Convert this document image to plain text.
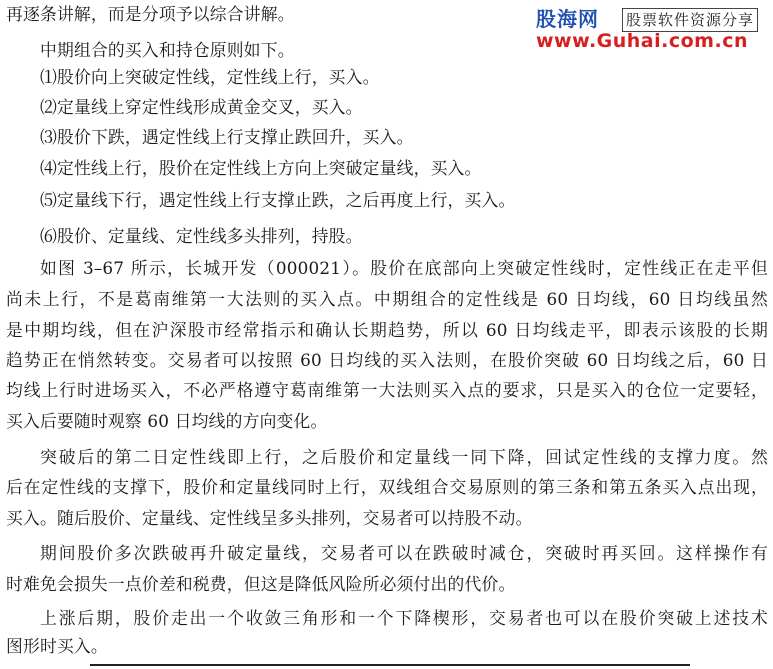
再逐条讲解，而是分项予以综合讲解。	股海网 股票软件资源分享
www.Guhai.com.cn
中期组合的买入和持仓原则如下。
⑴股价向上突破定性线，定性线上行，买入。
⑵定量线上穿定性线形成黄金交叉，买入。
⑶股价下跌，遇定性线上行支撑止跌回升，买入。
⑷定性线上行，股价在定性线上方向上突破定量线，买入。
⑸定量线下行，遇定性线上行支撑止跌，之后再度上行，买入。
⑹股价、定量线、定性线多头排列，持股。
如图 3–67 所示，长城开发（000021）。股价在底部向上突破定性线时，定性线正在走平但
尚未上行，不是葛南维第一大法则的买入点。中期组合的定性线是 60 日均线，60 日均线虽然
是中期均线，但在沪深股市经常指示和确认长期趋势，所以 60 日均线走平，即表示该股的长期
趋势正在悄然转变。交易者可以按照 60 日均线的买入法则，在股价突破 60 日均线之后，60 日
均线上行时进场买入，不必严格遵守葛南维第一大法则买入点的要求，只是买入的仓位一定要轻，
买入后要随时观察 60 日均线的方向变化。
突破后的第二日定性线即上行，之后股价和定量线一同下降，回试定性线的支撑力度。然
后在定性线的支撑下，股价和定量线同时上行，双线组合交易原则的第三条和第五条买入点出现，
买入。随后股价、定量线、定性线呈多头排列，交易者可以持股不动。
期间股价多次跌破再升破定量线，交易者可以在跌破时减仓，突破时再买回。这样操作有
时难免会损失一点价差和税费，但这是降低风险所必须付出的代价。
上涨后期，股价走出一个收敛三角形和一个下降楔形，交易者也可以在股价突破上述技术
图形时买入。
